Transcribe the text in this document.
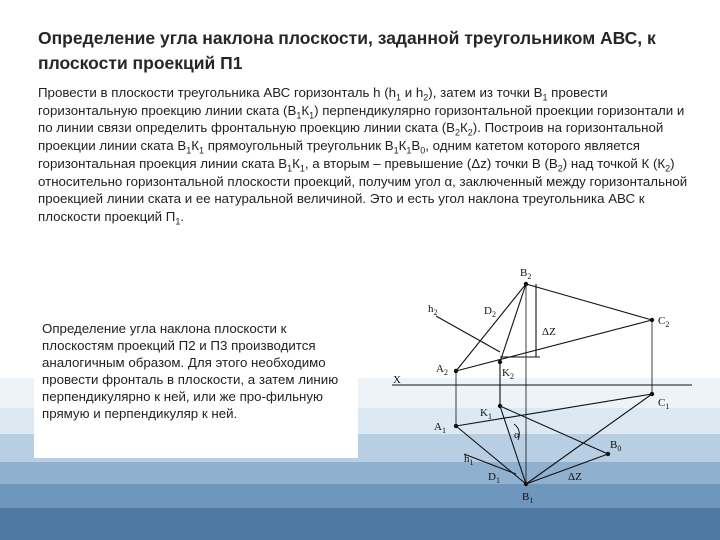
Определение угла наклона плоскости, заданной треугольником АВС, к плоскости проекций П1
Провести в плоскости треугольника АВС горизонталь h ($h_1$ и $h_2$), затем из точки $В_1$ провести горизонтальную проекцию линии ската $(В_1К_1)$ перпендикулярно горизонтальной проекции горизонтали и по линии связи определить фронтальную проекцию линии ската $(В_2К_2)$. Построив на горизонтальной проекции линии ската $В_1К_1$ прямоугольный треугольник $В_1К_1В_0$, одним катетом которого является горизонтальная проекция линии ската $В_1К_1$, а вторым – превышение (Δz) точки В $(В_2)$ над точкой К $(К_2)$ относительно горизонтальной плоскости проекций, получим угол α, заключенный между горизонтальной проекцией линии ската и ее натуральной величиной. Это и есть угол наклона треугольника АВС к плоскости проекций $П_1$.
Определение угла наклона плоскости к плоскостям проекций П2 и П3 производится аналогичным образом. Для этого необходимо провести фронталь в плоскости, а затем линию перпендикулярно к ней, или же про-фильную прямую и перпендикуляр к ней.
$B_2$
$h_2$	$D_2$
ΔZ
$C_2$
$A_2$	$K_2$
X
$K_1$
$C_1$
$A_1$	α
$B_0$
$h_1$
$D_1$	ΔZ
$B_1$
